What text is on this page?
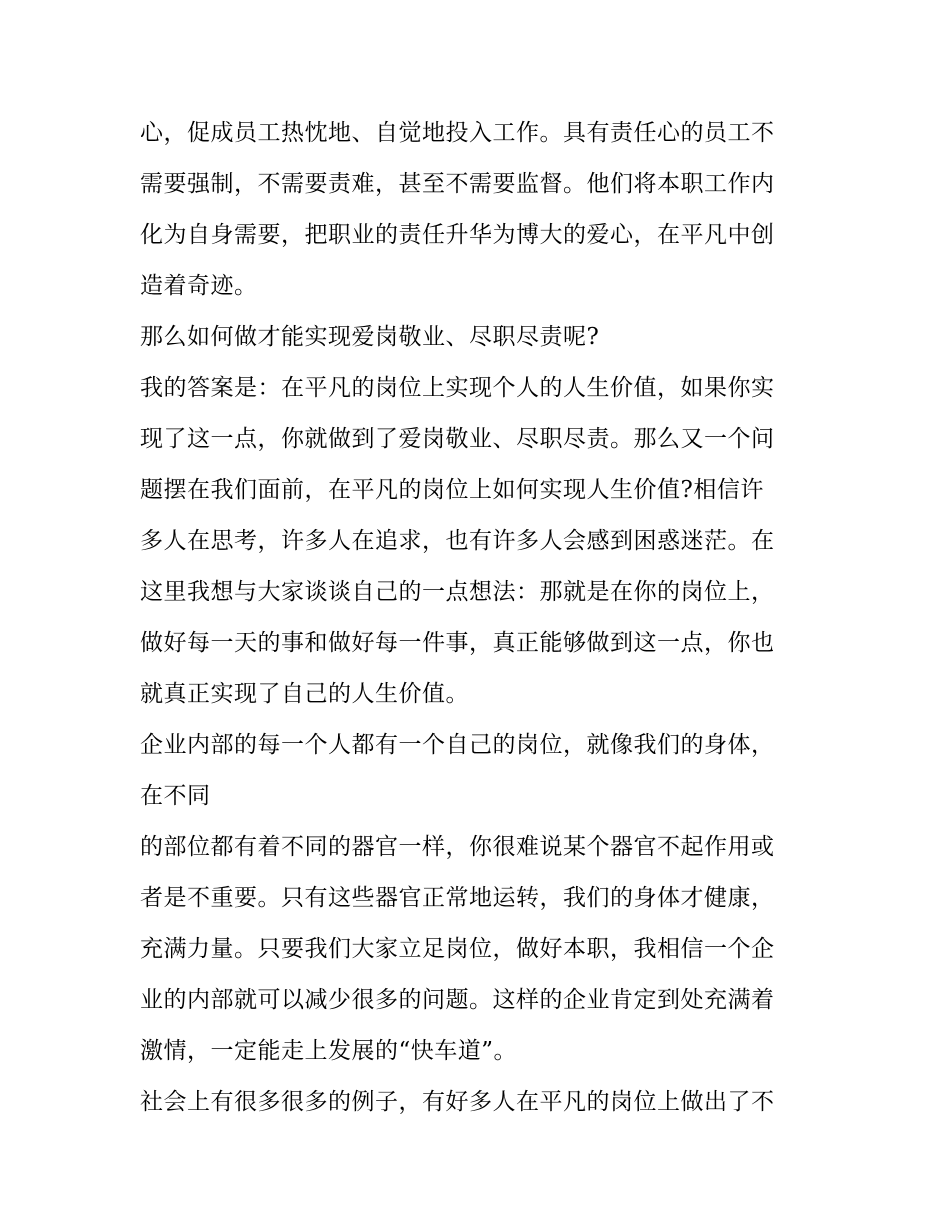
心，促成员工热忱地、自觉地投入工作。具有责任心的员工不
需要强制，不需要责难，甚至不需要监督。他们将本职工作内
化为自身需要，把职业的责任升华为博大的爱心，在平凡中创
造着奇迹。
那么如何做才能实现爱岗敬业、尽职尽责呢?
我的答案是：在平凡的岗位上实现个人的人生价值，如果你实
现了这一点，你就做到了爱岗敬业、尽职尽责。那么又一个问
题摆在我们面前，在平凡的岗位上如何实现人生价值?相信许
多人在思考，许多人在追求，也有许多人会感到困惑迷茫。在
这里我想与大家谈谈自己的一点想法：那就是在你的岗位上，
做好每一天的事和做好每一件事，真正能够做到这一点，你也
就真正实现了自己的人生价值。
企业内部的每一个人都有一个自己的岗位，就像我们的身体，
在不同
的部位都有着不同的器官一样，你很难说某个器官不起作用或
者是不重要。只有这些器官正常地运转，我们的身体才健康，
充满力量。只要我们大家立足岗位，做好本职，我相信一个企
业的内部就可以减少很多的问题。这样的企业肯定到处充满着
激情，一定能走上发展的“快车道”。
社会上有很多很多的例子，有好多人在平凡的岗位上做出了不
